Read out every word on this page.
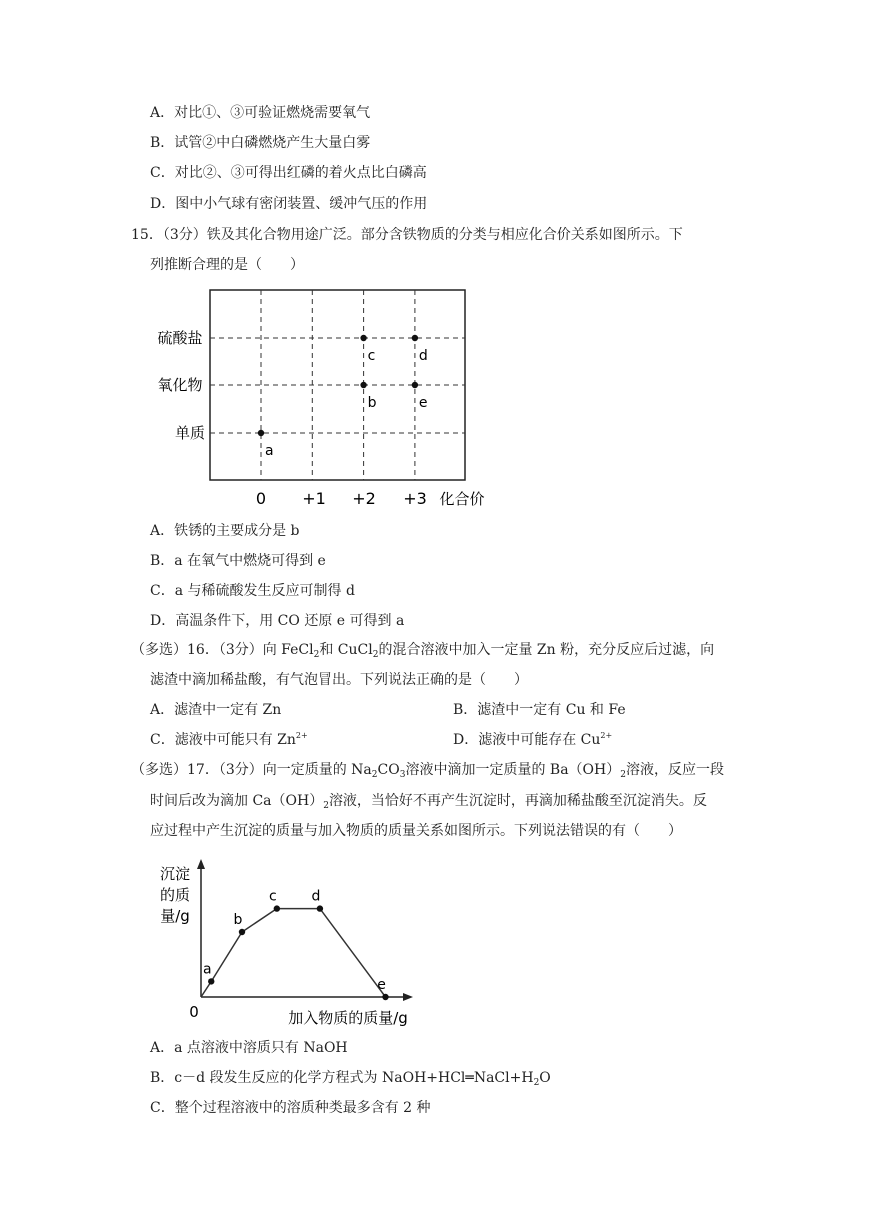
A．对比①、③可验证燃烧需要氧气
B．试管②中白磷燃烧产生大量白雾
C．对比②、③可得出红磷的着火点比白磷高
D．图中小气球有密闭装置、缓冲气压的作用
15．（3分）铁及其化合物用途广泛。部分含铁物质的分类与相应化合价关系如图所示。下
列推断合理的是（　　）
硫酸盐
氧化物
单质
0 +1 +2 +3 化合价
a
b
c	d
e
A．铁锈的主要成分是 b
B．a 在氧气中燃烧可得到 e
C．a 与稀硫酸发生反应可制得 d
D．高温条件下，用 CO 还原 e 可得到 a
（多选）16．（3分）向 FeCl$_2$和 CuCl$_2$的混合溶液中加入一定量 Zn 粉，充分反应后过滤，向
滤渣中滴加稀盐酸，有气泡冒出。下列说法正确的是（　　）
A．滤渣中一定有 Zn	B．滤渣中一定有 Cu 和 Fe
C．滤液中可能只有 $Zn^{2+}$	D．滤液中可能存在 $Cu^{2+}$
（多选）17．（3分）向一定质量的 $Na_2CO_3$溶液中滴加一定质量的 $Ba(OH)_2$溶液，反应一段
时间后改为滴加 $Ca(OH)_2$溶液，当恰好不再产生沉淀时，再滴加稀盐酸至沉淀消失。反
应过程中产生沉淀的质量与加入物质的质量关系如图所示。下列说法错误的有（　　）
沉淀
的质
量/g
0	加入物质的质量/g
a
b
c d
e
A．a 点溶液中溶质只有 NaOH
B．c－d 段发生反应的化学方程式为 $NaOH+HCl═NaCl+H_2O$
C．整个过程溶液中的溶质种类最多含有 2 种
